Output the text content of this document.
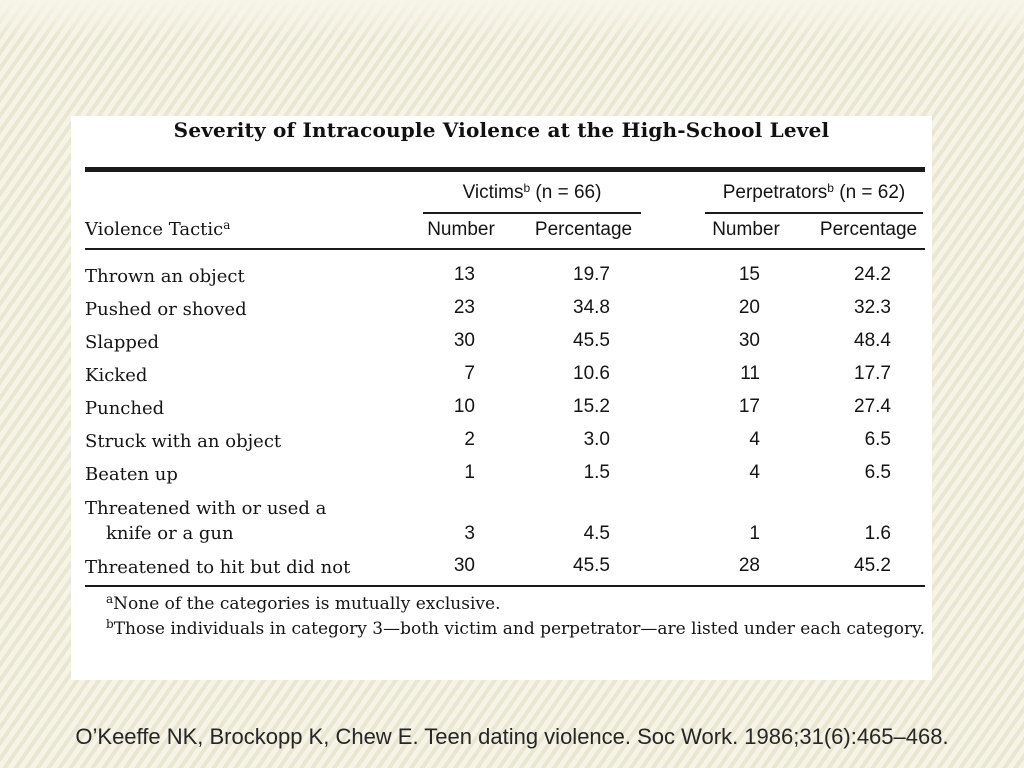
Severity of Intracouple Violence at the High-School Level
Victims$^b$ (n = 66)	Perpetrators$^b$ (n = 62)
Violence Tactic$^a$	Number	Percentage	Number	Percentage
Thrown an object	13	19.7	15	24.2
Pushed or shoved	23	34.8	20	32.3
Slapped	30	45.5	30	48.4
Kicked	7	10.6	11	17.7
Punched	10	15.2	17	27.4
Struck with an object	2	3.0	4	6.5
Beaten up	1	1.5	4	6.5
Threatened with or used a
knife or a gun	3	4.5	1	1.6
Threatened to hit but did not	30	45.5	28	45.2
$^a$None of the categories is mutually exclusive.
$^b$Those individuals in category 3—both victim and perpetrator—are listed under each category.
O’Keeffe NK, Brockopp K, Chew E. Teen dating violence. Soc Work. 1986;31(6):465–468.
